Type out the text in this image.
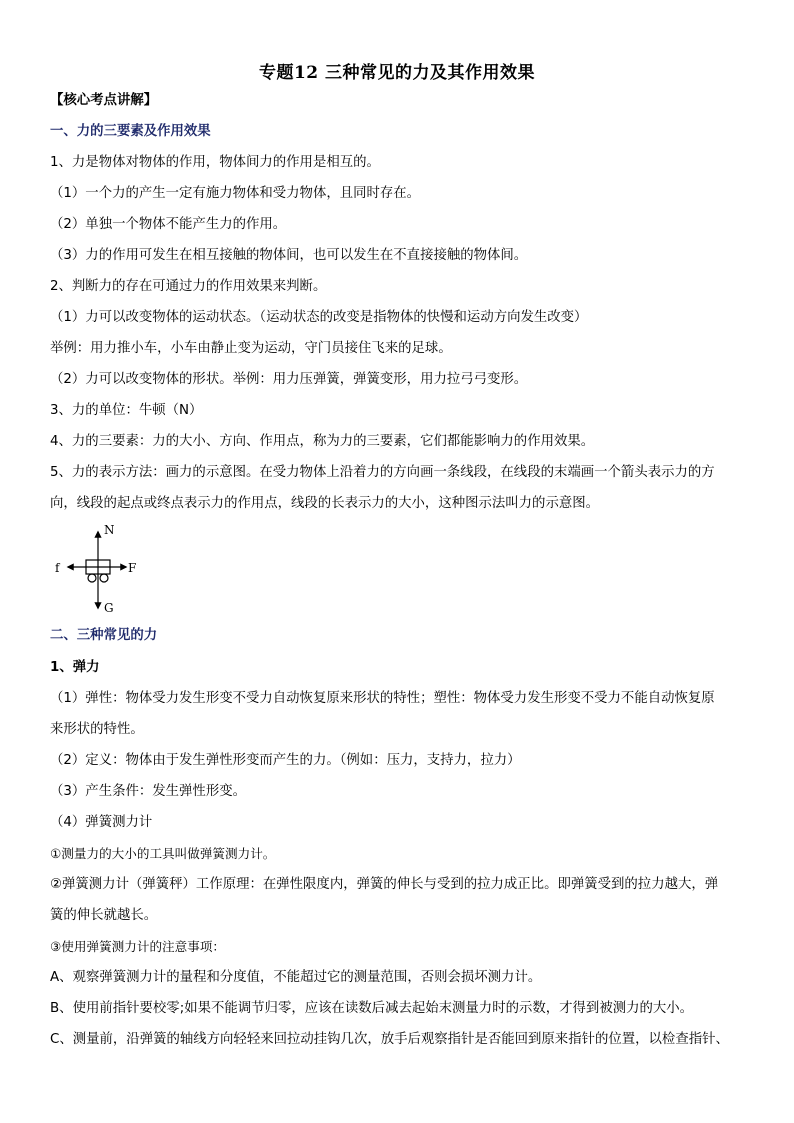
专题12 三种常见的力及其作用效果
【核心考点讲解】
一、力的三要素及作用效果
1、力是物体对物体的作用，物体间力的作用是相互的。
（1）一个力的产生一定有施力物体和受力物体，且同时存在。
（2）单独一个物体不能产生力的作用。
（3）力的作用可发生在相互接触的物体间，也可以发生在不直接接触的物体间。
2、判断力的存在可通过力的作用效果来判断。
（1）力可以改变物体的运动状态。（运动状态的改变是指物体的快慢和运动方向发生改变）
举例：用力推小车，小车由静止变为运动，守门员接住飞来的足球。
（2）力可以改变物体的形状。举例：用力压弹簧，弹簧变形，用力拉弓弓变形。
3、力的单位：牛顿（N）
4、力的三要素：力的大小、方向、作用点，称为力的三要素，它们都能影响力的作用效果。
5、力的表示方法：画力的示意图。在受力物体上沿着力的方向画一条线段，在线段的末端画一个箭头表示力的方
向，线段的起点或终点表示力的作用点，线段的长表示力的大小，这种图示法叫力的示意图。
N
f	F
G
二、三种常见的力
1、弹力
（1）弹性：物体受力发生形变不受力自动恢复原来形状的特性；塑性：物体受力发生形变不受力不能自动恢复原
来形状的特性。
（2）定义：物体由于发生弹性形变而产生的力。（例如：压力，支持力，拉力）
（3）产生条件：发生弹性形变。
（4）弹簧测力计
①测量力的大小的工具叫做弹簧测力计。
②弹簧测力计（弹簧秤）工作原理：在弹性限度内，弹簧的伸长与受到的拉力成正比。即弹簧受到的拉力越大，弹
簧的伸长就越长。
③使用弹簧测力计的注意事项：
A、观察弹簧测力计的量程和分度值，不能超过它的测量范围，否则会损坏测力计。
B、使用前指针要校零;如果不能调节归零，应该在读数后减去起始末测量力时的示数，才得到被测力的大小。
C、测量前，沿弹簧的轴线方向轻轻来回拉动挂钩几次，放手后观察指针是否能回到原来指针的位置，以检查指针、
